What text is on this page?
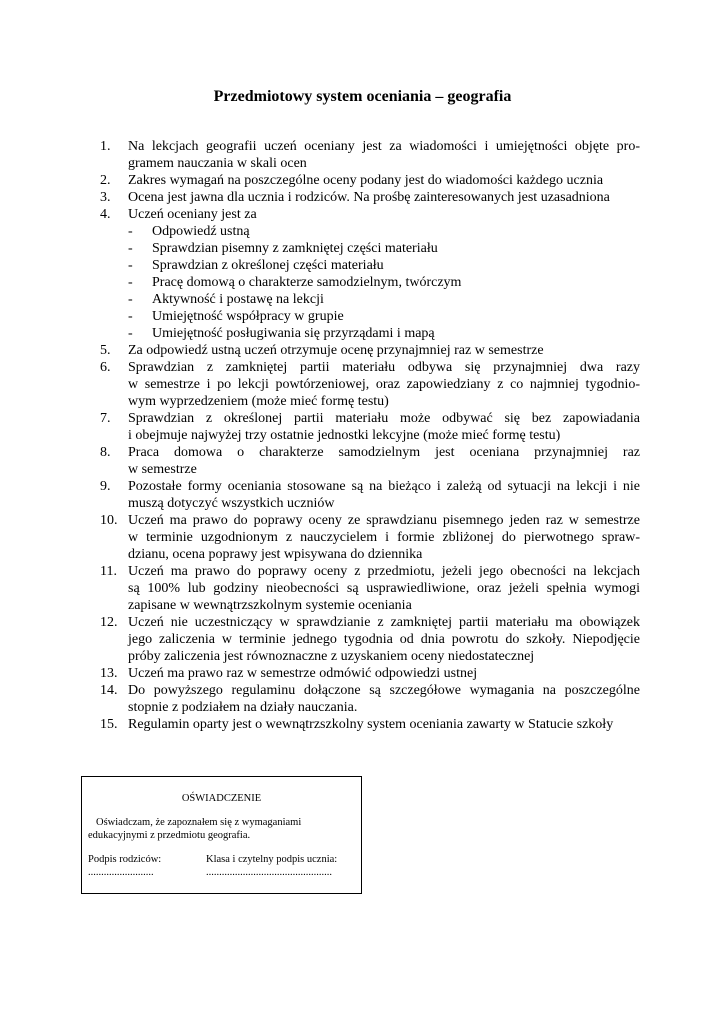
Przedmiotowy system oceniania – geografia
1.	Na lekcjach geografii uczeń oceniany jest za wiadomości i umiejętności objęte pro-
gramem nauczania w skali ocen
2.	Zakres wymagań na poszczególne oceny podany jest do wiadomości każdego ucznia
3.	Ocena jest jawna dla ucznia i rodziców. Na prośbę zainteresowanych jest uzasadniona
4.	Uczeń oceniany jest za
-	Odpowiedź ustną
-	Sprawdzian pisemny z zamkniętej części materiału
-	Sprawdzian z określonej części materiału
-	Pracę domową o charakterze samodzielnym, twórczym
-	Aktywność i postawę na lekcji
-	Umiejętność współpracy w grupie
-	Umiejętność posługiwania się przyrządami i mapą
5.	Za odpowiedź ustną uczeń otrzymuje ocenę przynajmniej raz w semestrze
6.	Sprawdzian z zamkniętej partii materiału odbywa się przynajmniej dwa razy
w semestrze i po lekcji powtórzeniowej, oraz zapowiedziany z co najmniej tygodnio-
wym wyprzedzeniem (może mieć formę testu)
7.	Sprawdzian z określonej partii materiału może odbywać się bez zapowiadania
i obejmuje najwyżej trzy ostatnie jednostki lekcyjne (może mieć formę testu)
8.	Praca domowa o charakterze samodzielnym jest oceniana przynajmniej raz
w semestrze
9.	Pozostałe formy oceniania stosowane są na bieżąco i zależą od sytuacji na lekcji i nie
muszą dotyczyć wszystkich uczniów
10. Uczeń ma prawo do poprawy oceny ze sprawdzianu pisemnego jeden raz w semestrze
w terminie uzgodnionym z nauczycielem i formie zbliżonej do pierwotnego spraw-
dzianu, ocena poprawy jest wpisywana do dziennika
11. Uczeń ma prawo do poprawy oceny z przedmiotu, jeżeli jego obecności na lekcjach
są 100% lub godziny nieobecności są usprawiedliwione, oraz jeżeli spełnia wymogi
zapisane w wewnątrzszkolnym systemie oceniania
12. Uczeń nie uczestniczący w sprawdzianie z zamkniętej partii materiału ma obowiązek
jego zaliczenia w terminie jednego tygodnia od dnia powrotu do szkoły. Niepodjęcie
próby zaliczenia jest równoznaczne z uzyskaniem oceny niedostatecznej
13. Uczeń ma prawo raz w semestrze odmówić odpowiedzi ustnej
14. Do powyższego regulaminu dołączone są szczegółowe wymagania na poszczególne
stopnie z podziałem na działy nauczania.
15. Regulamin oparty jest o wewnątrzszkolny system oceniania zawarty w Statucie szkoły
OŚWIADCZENIE
Oświadczam, że zapoznałem się z wymaganiami
edukacyjnymi z przedmiotu geografia.
Podpis rodziców:
.........................
Klasa i czytelny podpis ucznia:
................................................
